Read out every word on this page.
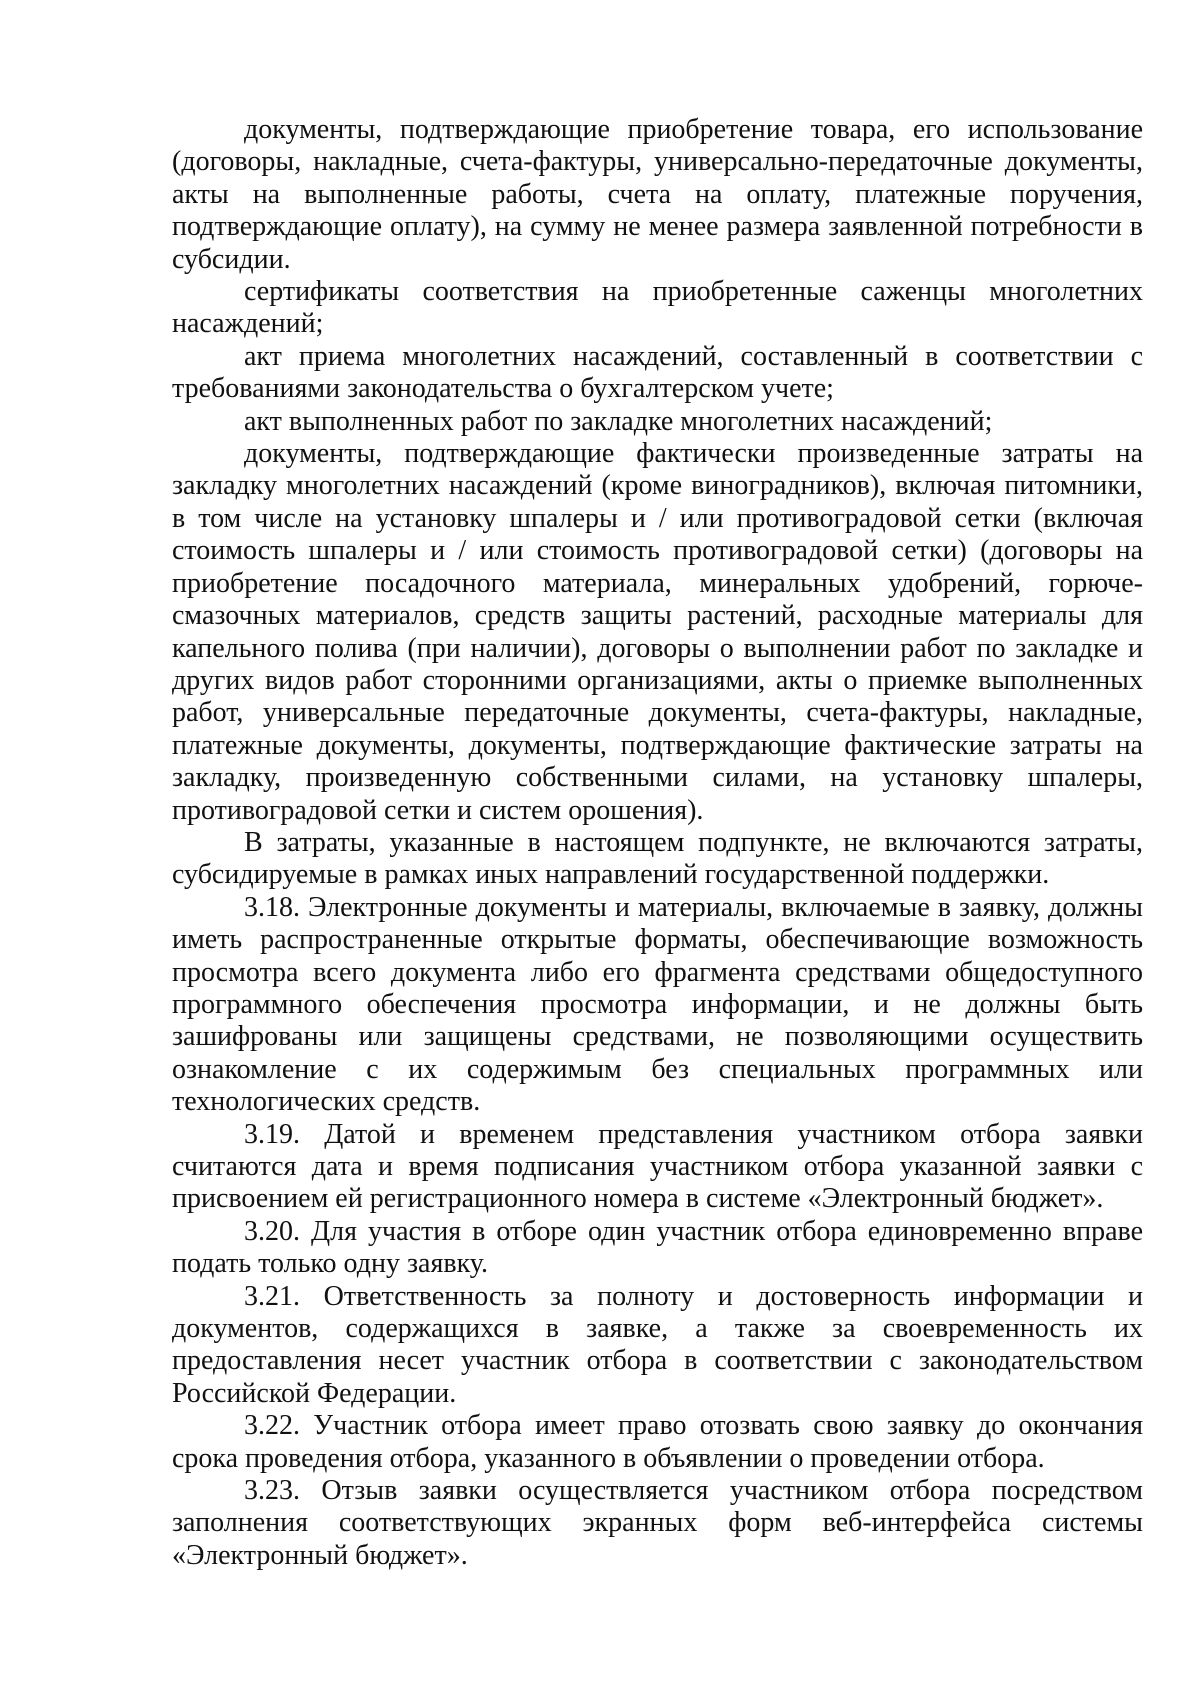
документы, подтверждающие приобретение товара, его использование (договоры, накладные, счета-фактуры, универсально-передаточные документы, акты на выполненные работы, счета на оплату, платежные поручения, подтверждающие оплату), на сумму не менее размера заявленной потребности в субсидии.

сертификаты соответствия на приобретенные саженцы многолетних насаждений;

акт приема многолетних насаждений, составленный в соответствии с требованиями законодательства о бухгалтерском учете;

акт выполненных работ по закладке многолетних насаждений;

документы, подтверждающие фактически произведенные затраты на закладку многолетних насаждений (кроме виноградников), включая питомники, в том числе на установку шпалеры и / или противоградовой сетки (включая стоимость шпалеры и / или стоимость противоградовой сетки) (договоры на приобретение посадочного материала, минеральных удобрений, горюче-смазочных материалов, средств защиты растений, расходные материалы для капельного полива (при наличии), договоры о выполнении работ по закладке и других видов работ сторонними организациями, акты о приемке выполненных работ, универсальные передаточные документы, счета-фактуры, накладные, платежные документы, документы, подтверждающие фактические затраты на закладку, произведенную собственными силами, на установку шпалеры, противоградовой сетки и систем орошения).

В затраты, указанные в настоящем подпункте, не включаются затраты, субсидируемые в рамках иных направлений государственной поддержки.

3.18. Электронные документы и материалы, включаемые в заявку, должны иметь распространенные открытые форматы, обеспечивающие возможность просмотра всего документа либо его фрагмента средствами общедоступного программного обеспечения просмотра информации, и не должны быть зашифрованы или защищены средствами, не позволяющими осуществить ознакомление с их содержимым без специальных программных или технологических средств.

3.19. Датой и временем представления участником отбора заявки считаются дата и время подписания участником отбора указанной заявки с присвоением ей регистрационного номера в системе «Электронный бюджет».

3.20. Для участия в отборе один участник отбора единовременно вправе подать только одну заявку.

3.21. Ответственность за полноту и достоверность информации и документов, содержащихся в заявке, а также за своевременность их предоставления несет участник отбора в соответствии с законодательством Российской Федерации.

3.22. Участник отбора имеет право отозвать свою заявку до окончания срока проведения отбора, указанного в объявлении о проведении отбора.

3.23. Отзыв заявки осуществляется участником отбора посредством заполнения соответствующих экранных форм веб-интерфейса системы «Электронный бюджет».
